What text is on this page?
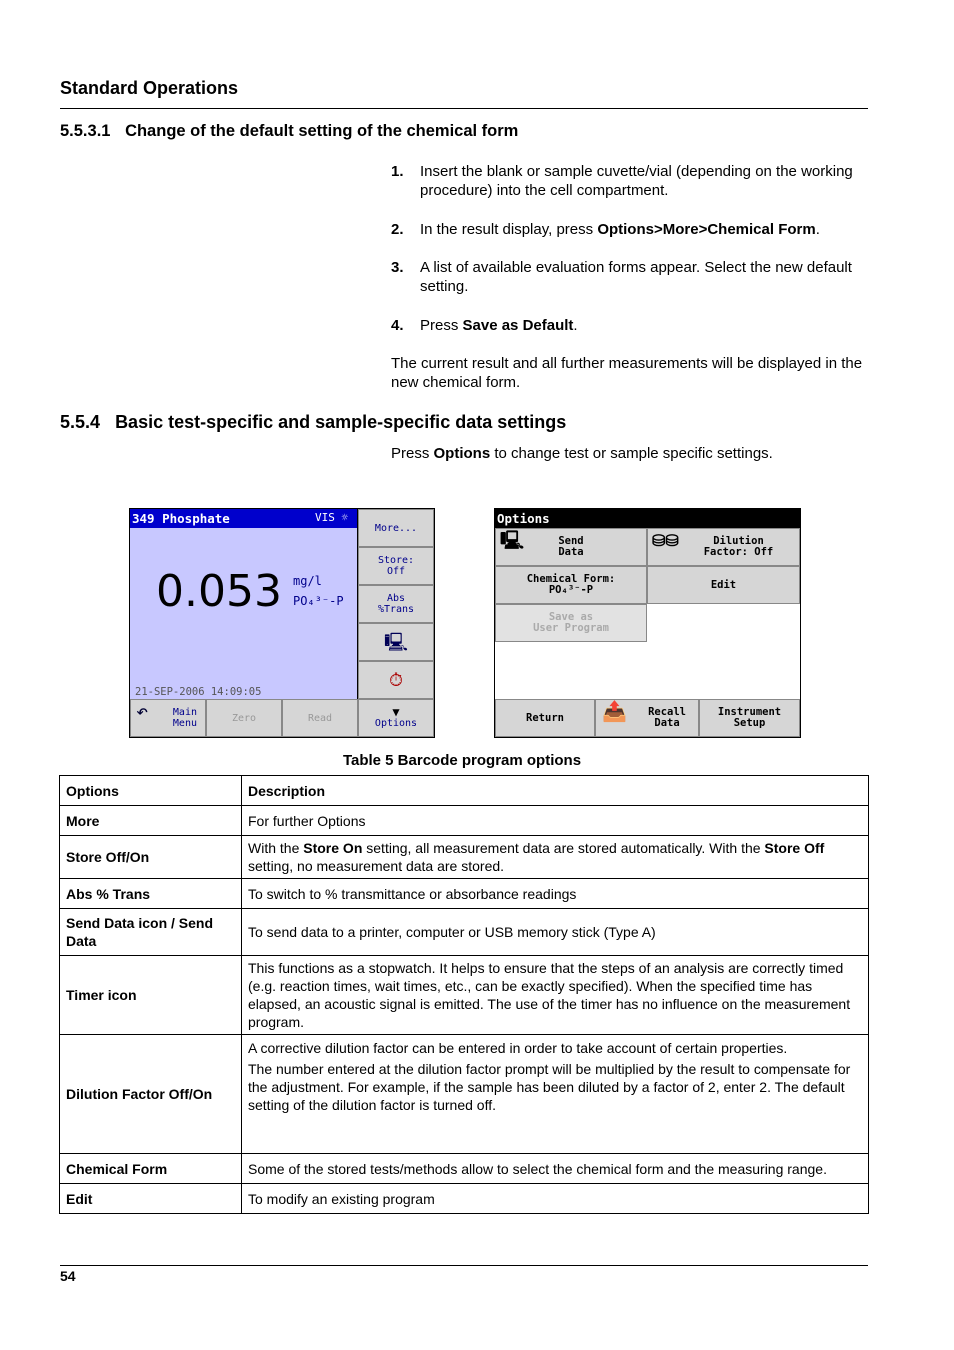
Standard Operations
5.5.3.1 Change of the default setting of the chemical form
1. Insert the blank or sample cuvette/vial (depending on the working procedure) into the cell compartment.
2. In the result display, press Options>More>Chemical Form.
3. A list of available evaluation forms appear. Select the new default setting.
4. Press Save as Default.
The current result and all further measurements will be displayed in the new chemical form.
5.5.4 Basic test-specific and sample-specific data settings
Press Options to change test or sample specific settings.
349 Phosphate	VIS ☼
0.053 mg/l
PO₄³⁻-P
21-SEP-2006 14:09:05
More...
Store:
Off
Abs
%Trans
🖳
⏱
↶ Main
Menu	Zero	Read	▼
Options
Options
🖳	Send
Data
⛁⛁	Dilution
Factor: Off
Chemical Form:
PO₄³⁻-P	Edit
Save as
User Program
Return	📤 Recall
Data
Instrument
Setup
Table 5 Barcode program options
Options	Description
More	For further Options
Store Off/On	With the Store On setting, all measurement data are stored automatically. With the Store Off setting, no measurement data are stored.
Abs % Trans	To switch to % transmittance or absorbance readings
Send Data icon / Send Data	To send data to a printer, computer or USB memory stick (Type A)
Timer icon	This functions as a stopwatch. It helps to ensure that the steps of an analysis are correctly timed (e.g. reaction times, wait times, etc., can be exactly specified). When the specified time has elapsed, an acoustic signal is emitted. The use of the timer has no influence on the measurement program.
Dilution Factor Off/On	A corrective dilution factor can be entered in order to take account of certain properties.
The number entered at the dilution factor prompt will be multiplied by the result to compensate for the adjustment. For example, if the sample has been diluted by a factor of 2, enter 2. The default setting of the dilution factor is turned off.

Chemical Form	Some of the stored tests/methods allow to select the chemical form and the measuring range.
Edit	To modify an existing program
54
